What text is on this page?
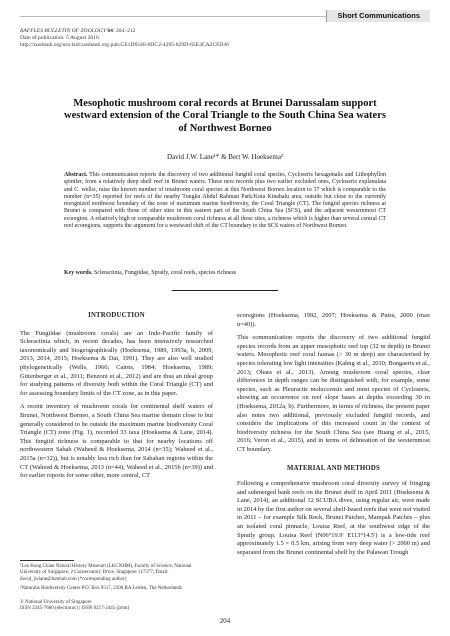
Short Communications
RAFFLES BULLETIN OF ZOOLOGY 64: 204–212
Date of publication: 5 August 2016
http://zoobank.org/urn:lsid:zoobank.org:pub:CE1D6540-0DC2-4295-829D-65E3CA2CFD36
Mesophotic mushroom coral records at Brunei Darussalam support westward extension of the Coral Triangle to the South China Sea waters of Northwest Borneo
David J.W. Lane¹* & Bert W. Hoeksema²
Abstract. This communication reports the discovery of two additional fungiid coral species, Cycloseris hexagonalis and Lithophyllon spinifer, from a relatively deep shelf reef in Brunei waters. These new records plus two earlier excluded ones, Cycloseris explanulata and C. wellsi, raise the known number of mushroom coral species at this Northwest Borneo location to 37 which is comparable to the number (n=35) reported for reefs of the nearby Tungku Abdul Rahman Park/Kota Kinabalu area, outside but close to the currently recognized northwest boundary of the zone of maximum marine biodiversity, the Coral Triangle (CT). The fungiid species richness at Brunei is compared with those of other sites in this eastern part of the South China Sea (SCS), and the adjacent westernmost CT ecoregion. A relatively high or comparable mushroom coral richness at all these sites, a richness which is higher than several central CT reef ecoregions, supports the argument for a westward shift of the CT boundary to the SCS waters of Northwest Borneo.
Key words. Scleractinia, Fungiidae, Spratly, coral reefs, species richness
INTRODUCTION

The Fungiidae (mushroom corals) are an Indo-Pacific family of Scleractinia which, in recent decades, has been intensively researched taxonomically and biogeographically (Hoeksema, 1989, 1993a, b, 2009, 2013, 2014, 2015; Hoeksema & Dai, 1991). They are also well studied phylogenetically (Wells, 1966; Cairns, 1984; Hoeksema, 1989; Gittenberger et al., 2011; Benzoni et al., 2012) and are thus an ideal group for studying patterns of diversity both within the Coral Triangle (CT) and for assessing boundary limits of the CT zone, as in this paper.

A recent inventory of mushroom corals for continental shelf waters of Brunei, Northwest Borneo, a South China Sea marine domain close to but generally considered to be outside the maximum marine biodiversity Coral Triangle (CT) zone (Fig. 1), recorded 33 taxa (Hoeksema & Lane, 2014). This fungiid richness is comparable to that for nearby locations off northwestern Sabah (Waheed & Hoeksema, 2014 (n=35); Waheed et al., 2015a (n=32)), but is notably less rich than for Sabahan regions within the CT (Waheed & Hoeksema, 2013 (n=44); Waheed et al., 2015b (n=39)) and for earlier reports for some other, more central, CT

ecoregions (Hoeksema, 1992, 2007; Hoeksema & Putra, 2000 (max n=40)).

This communication reports the discovery of two additional fungiid species records from an upper mesophotic reef top (32 m depth) in Brunei waters. Mesophotic reef coral faunas (> 30 m deep) are characterised by species tolerating low light intensities (Kahng et al., 2010; Bongaerts et al., 2013; Ohara et al., 2013). Among mushroom coral species, clear differences in depth ranges can be distinguished with, for example, some species, such as Pleuractis moluccensis and most species of Cycloseris, showing an occurrence on reef slope bases at depths exceeding 30 m (Hoeksema, 2012a, b). Furthermore, in terms of richness, the present paper also notes two additional, previously excluded fungiid records, and considers the implications of this increased count in the context of biodiversity richness for the South China Sea (see Huang et al., 2015, 2016; Veron et al., 2015), and in terms of delineation of the westernmost CT boundary.

MATERIAL AND METHODS

Following a comprehensive mushroom coral diversity survey of fringing and submerged bank reefs on the Brunei shelf in April 2011 (Hoeksema & Lane, 2014), an additional 12 SCUBA dives, using regular air, were made in 2014 by the first author on several shelf-based reefs that were not visited in 2011 – for example Silk Rock, Brunei Patches, Mampak Patches – plus an isolated coral pinnacle, Louisa Reef, at the southwest edge of the Spratly group. Louisa Reef (N06°19.9' E113°14.5') is a low-tide reef approximately 1.5 × 0.5 km, arising from very deep water (> 2000 m) and separated from the Brunei continental shelf by the Palawan Trough

¹Lee Kong Chian Natural History Museum (LKCNHM), Faculty of Science, National University of Singapore, 2 Conservatory Drive, Singapore 117377; Email: david_jwlane@hotmail.com (*corresponding author)

²Naturalis Biodiversity Center P.O. Box 9517, 2300 RA Leiden, The Netherlands

© National University of Singapore
ISSN 2345-7600 (electronic) | ISSN 0217-2445 (print)
204
